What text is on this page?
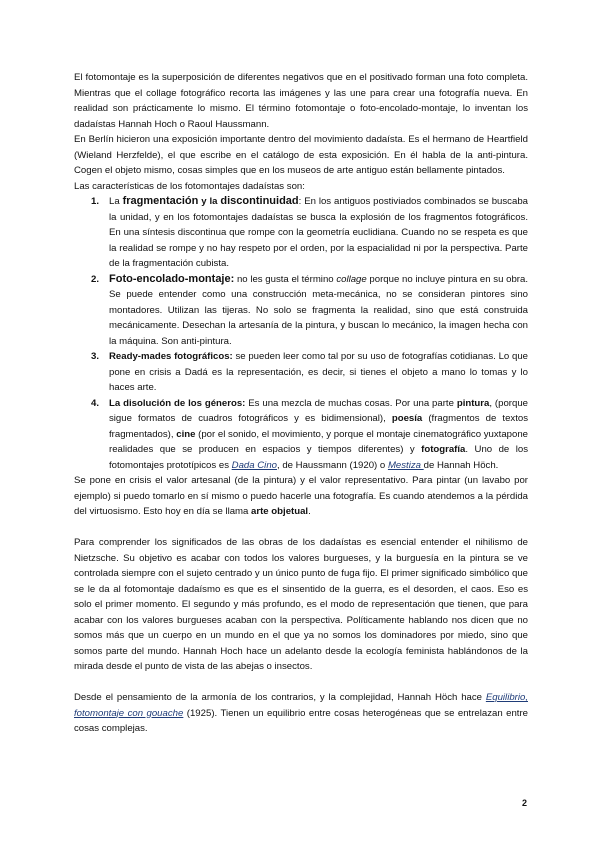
El fotomontaje es la superposición de diferentes negativos que en el positivado forman una foto completa. Mientras que el collage fotográfico recorta las imágenes y las une para crear una fotografía nueva. En realidad son prácticamente lo mismo. El término fotomontaje o foto-encolado-montaje, lo inventan los dadaístas Hannah Hoch o Raoul Haussmann.

En Berlín hicieron una exposición importante dentro del movimiento dadaísta. Es el hermano de Heartfield (Wieland Herzfelde), el que escribe en el catálogo de esta exposición. En él habla de la anti-pintura. Cogen el objeto mismo, cosas simples que en los museos de arte antiguo están bellamente pintados.

Las características de los fotomontajes dadaístas son:

1. La fragmentación y la discontinuidad: En los antiguos postiviados combinados se buscaba la unidad, y en los fotomontajes dadaístas se busca la explosión de los fragmentos fotográficos. En una síntesis discontinua que rompe con la geometría euclidiana. Cuando no se respeta es que la realidad se rompe y no hay respeto por el orden, por la espacialidad ni por la perspectiva. Parte de la fragmentación cubista.
2. Foto-encolado-montaje: no les gusta el término collage porque no incluye pintura en su obra. Se puede entender como una construcción meta-mecánica, no se consideran pintores sino montadores. Utilizan las tijeras. No solo se fragmenta la realidad, sino que está construida mecánicamente. Desechan la artesanía de la pintura, y buscan lo mecánico, la imagen hecha con la máquina. Son anti-pintura.
3. Ready-mades fotográficos: se pueden leer como tal por su uso de fotografías cotidianas. Lo que pone en crisis a Dadá es la representación, es decir, si tienes el objeto a mano lo tomas y lo haces arte.
4. La disolución de los géneros: Es una mezcla de muchas cosas. Por una parte pintura, (porque sigue formatos de cuadros fotográficos y es bidimensional), poesía (fragmentos de textos fragmentados), cine (por el sonido, el movimiento, y porque el montaje cinematográfico yuxtapone realidades que se producen en espacios y tiempos diferentes) y fotografía. Uno de los fotomontajes prototípicos es Dada Cino, de Haussmann (1920) o Mestiza de Hannah Höch.

Se pone en crisis el valor artesanal (de la pintura) y el valor representativo. Para pintar (un lavabo por ejemplo) si puedo tomarlo en sí mismo o puedo hacerle una fotografía. Es cuando atendemos a la pérdida del virtuosismo. Esto hoy en día se llama arte objetual.

Para comprender los significados de las obras de los dadaístas es esencial entender el nihilismo de Nietzsche. Su objetivo es acabar con todos los valores burgueses, y la burguesía en la pintura se ve controlada siempre con el sujeto centrado y un único punto de fuga fijo. El primer significado simbólico que se le da al fotomontaje dadaísmo es que es el sinsentido de la guerra, es el desorden, el caos. Eso es solo el primer momento. El segundo y más profundo, es el modo de representación que tienen, que para acabar con los valores burgueses acaban con la perspectiva. Políticamente hablando nos dicen que no somos más que un cuerpo en un mundo en el que ya no somos los dominadores por miedo, sino que somos parte del mundo. Hannah Hoch hace un adelanto desde la ecología feminista hablándonos de la mirada desde el punto de vista de las abejas o insectos.

Desde el pensamiento de la armonía de los contrarios, y la complejidad, Hannah Höch hace Equilibrio, fotomontaje con gouache (1925). Tienen un equilibrio entre cosas heterogéneas que se entrelazan entre cosas complejas.

2
